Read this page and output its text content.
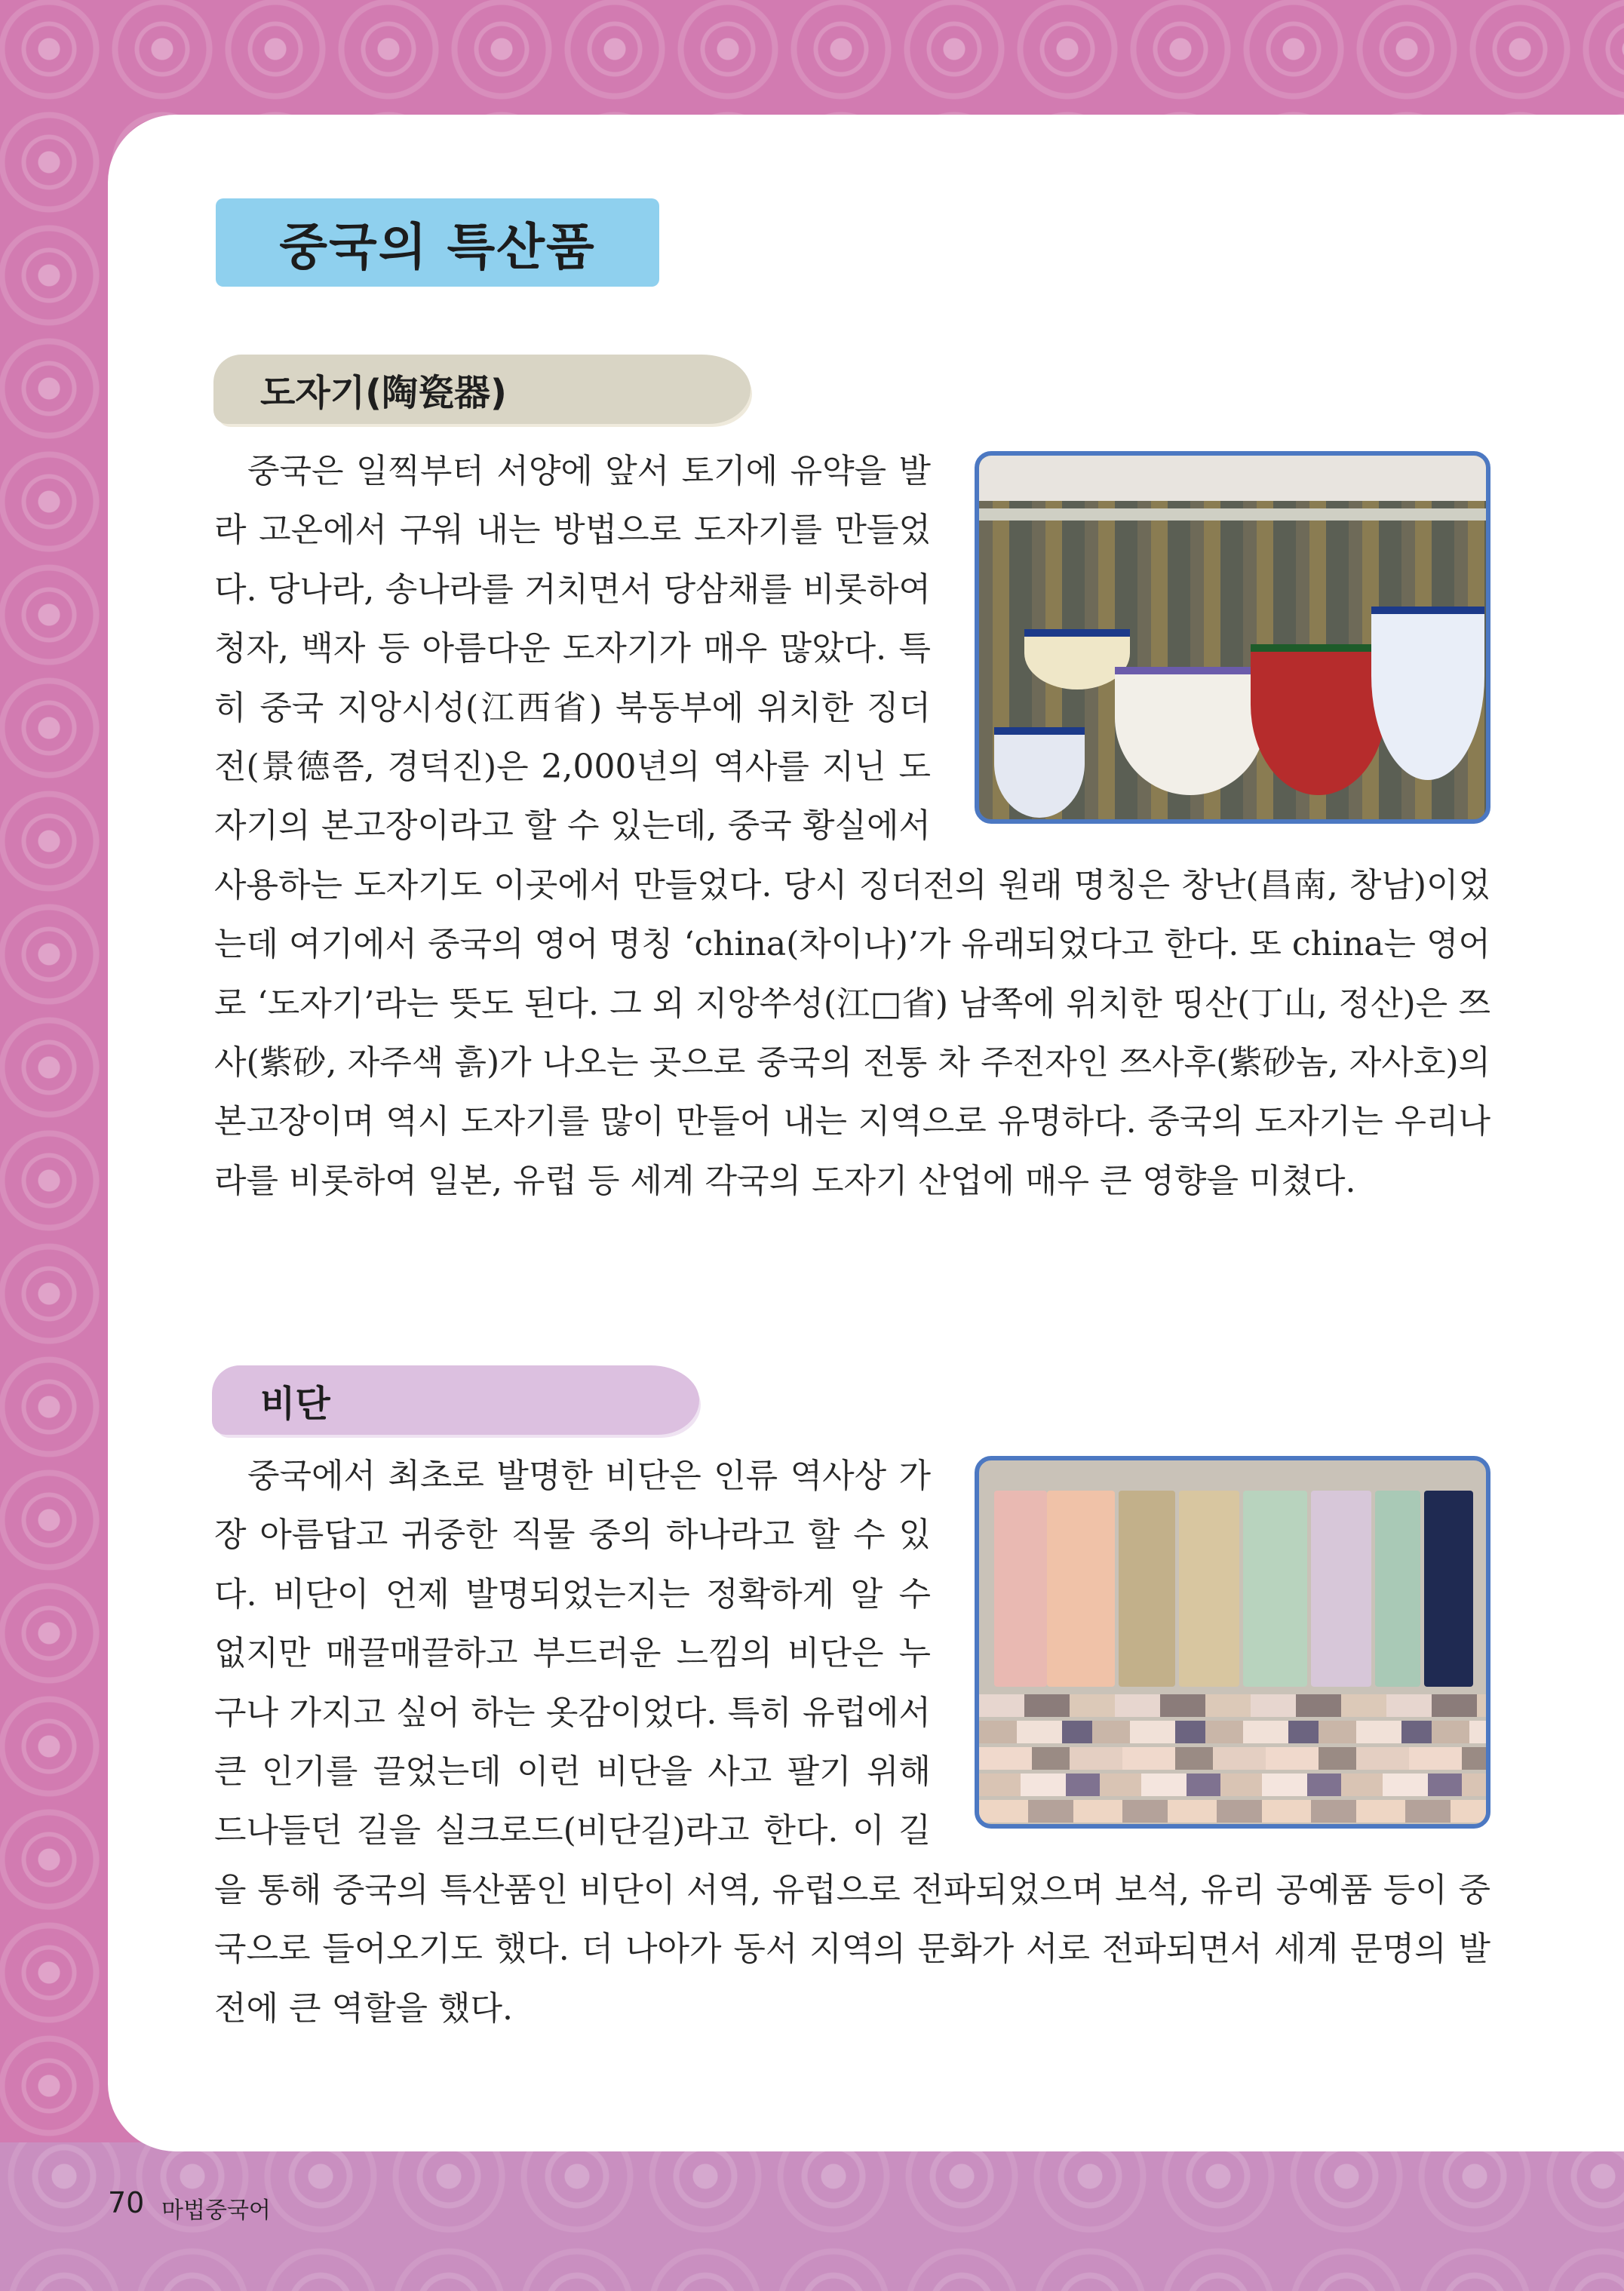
중국의 특산품
도자기(陶瓷器)

중국은 일찍부터 서양에 앞서 토기에 유약을 발라 고온에서 구워 내는 방법으로 도자기를 만들었다. 당나라, 송나라를 거치면서 당삼채를 비롯하여 청자, 백자 등 아름다운 도자기가 매우 많았다. 특히 중국 지앙시성(江西省) 북동부에 위치한 징더전(景德쯤, 경덕진)은 2,000년의 역사를 지닌 도자기의 본고장이라고 할 수 있는데, 중국 황실에서 사용하는 도자기도 이곳에서 만들었다. 당시 징더전의 원래 명칭은 창난(昌南, 창남)이었는데 여기에서 중국의 영어 명칭 ‘china(차이나)’가 유래되었다고 한다. 또 china는 영어로 ‘도자기’라는 뜻도 된다. 그 외 지앙쑤성(江□省) 남쪽에 위치한 띵산(丁山, 정산)은 쯔사(紫砂, 자주색 흙)가 나오는 곳으로 중국의 전통 차 주전자인 쯔사후(紫砂놈, 자사호)의 본고장이며 역시 도자기를 많이 만들어 내는 지역으로 유명하다. 중국의 도자기는 우리나라를 비롯하여 일본, 유럽 등 세계 각국의 도자기 산업에 매우 큰 영향을 미쳤다.

비단

중국에서 최초로 발명한 비단은 인류 역사상 가장 아름답고 귀중한 직물 중의 하나라고 할 수 있다. 비단이 언제 발명되었는지는 정확하게 알 수 없지만 매끌매끌하고 부드러운 느낌의 비단은 누구나 가지고 싶어 하는 옷감이었다. 특히 유럽에서 큰 인기를 끌었는데 이런 비단을 사고 팔기 위해 드나들던 길을 실크로드(비단길)라고 한다. 이 길을 통해 중국의 특산품인 비단이 서역, 유럽으로 전파되었으며 보석, 유리 공예품 등이 중국으로 들어오기도 했다. 더 나아가 동서 지역의 문화가 서로 전파되면서 세계 문명의 발전에 큰 역할을 했다.

70 마법중국어
